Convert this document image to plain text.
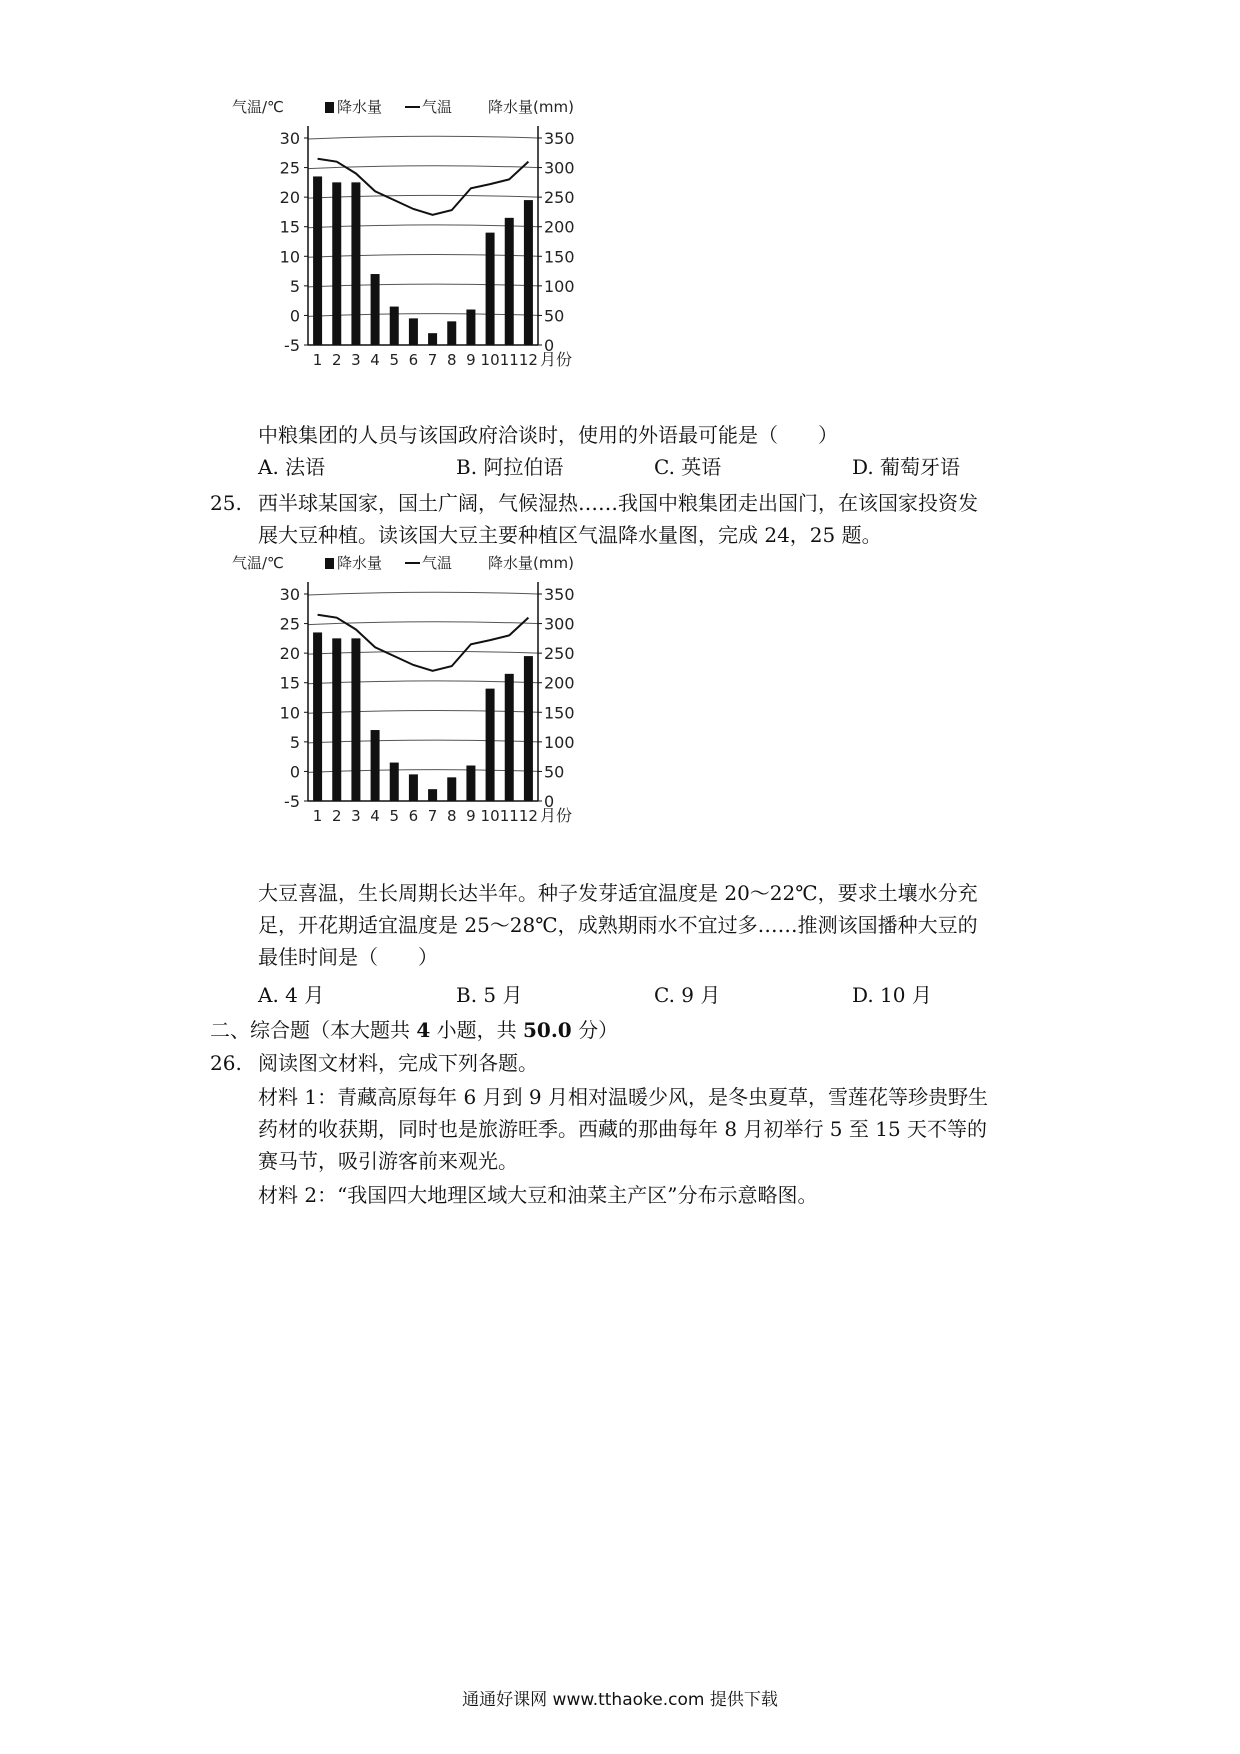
气温/℃	降水量	气温 降水量(mm)
30
25
20
15
10
5
0
-5
350
300
250
200
150
100
50
0
1 2 3 4 5 6 7 8 9 10 11 12 月份
中粮集团的人员与该国政府洽谈时，使用的外语最可能是（　　）
A. 法语	B. 阿拉伯语	C. 英语	D. 葡萄牙语
25. 西半球某国家，国土广阔，气候湿热……我国中粮集团走出国门，在该国家投资发
展大豆种植。读该国大豆主要种植区气温降水量图，完成 24，25 题。
气温/℃	降水量	气温 降水量(mm)
30
25
20
15
10
5
0
-5
350
300
250
200
150
100
50
0
1 2 3 4 5 6 7 8 9 10 11 12 月份
大豆喜温，生长周期长达半年。种子发芽适宜温度是 20～22℃，要求土壤水分充
足，开花期适宜温度是 25～28℃，成熟期雨水不宜过多……推测该国播种大豆的
最佳时间是（　　）
A. 4 月	B. 5 月	C. 9 月	D. 10 月
二、综合题（本大题共 4 小题，共 50.0 分）
26. 阅读图文材料，完成下列各题。
材料 1：青藏高原每年 6 月到 9 月相对温暖少风，是冬虫夏草，雪莲花等珍贵野生
药材的收获期，同时也是旅游旺季。西藏的那曲每年 8 月初举行 5 至 15 天不等的
赛马节，吸引游客前来观光。
材料 2：“我国四大地理区域大豆和油菜主产区”分布示意略图。
通通好课网 www.tthaoke.com 提供下载
